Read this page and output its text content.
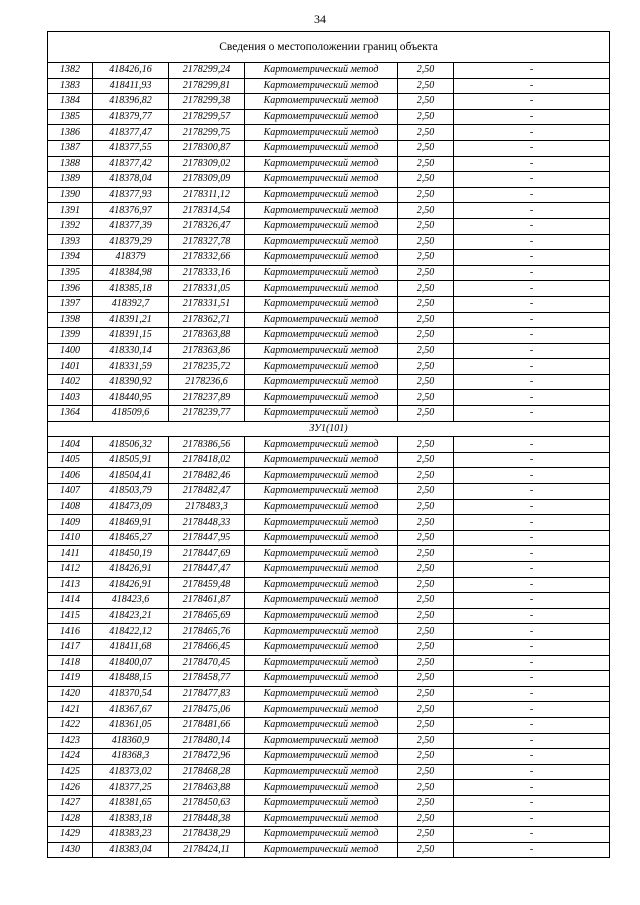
34
Сведения о местоположении границ объекта					
1382	418426,16	2178299,24	Картометрический метод	2,50	-
1383	418411,93	2178299,81	Картометрический метод	2,50	-
1384	418396,82	2178299,38	Картометрический метод	2,50	-
1385	418379,77	2178299,57	Картометрический метод	2,50	-
1386	418377,47	2178299,75	Картометрический метод	2,50	-
1387	418377,55	2178300,87	Картометрический метод	2,50	-
1388	418377,42	2178309,02	Картометрический метод	2,50	-
1389	418378,04	2178309,09	Картометрический метод	2,50	-
1390	418377,93	2178311,12	Картометрический метод	2,50	-
1391	418376,97	2178314,54	Картометрический метод	2,50	-
1392	418377,39	2178326,47	Картометрический метод	2,50	-
1393	418379,29	2178327,78	Картометрический метод	2,50	-
1394	418379	2178332,66	Картометрический метод	2,50	-
1395	418384,98	2178333,16	Картометрический метод	2,50	-
1396	418385,18	2178331,05	Картометрический метод	2,50	-
1397	418392,7	2178331,51	Картометрический метод	2,50	-
1398	418391,21	2178362,71	Картометрический метод	2,50	-
1399	418391,15	2178363,88	Картометрический метод	2,50	-
1400	418330,14	2178363,86	Картометрический метод	2,50	-
1401	418331,59	2178235,72	Картометрический метод	2,50	-
1402	418390,92	2178236,6	Картометрический метод	2,50	-
1403	418440,95	2178237,89	Картометрический метод	2,50	-
1364	418509,6	2178239,77	Картометрический метод	2,50	-
ЗУ1(101)					
1404	418506,32	2178386,56	Картометрический метод	2,50	-
1405	418505,91	2178418,02	Картометрический метод	2,50	-
1406	418504,41	2178482,46	Картометрический метод	2,50	-
1407	418503,79	2178482,47	Картометрический метод	2,50	-
1408	418473,09	2178483,3	Картометрический метод	2,50	-
1409	418469,91	2178448,33	Картометрический метод	2,50	-
1410	418465,27	2178447,95	Картометрический метод	2,50	-
1411	418450,19	2178447,69	Картометрический метод	2,50	-
1412	418426,91	2178447,47	Картометрический метод	2,50	-
1413	418426,91	2178459,48	Картометрический метод	2,50	-
1414	418423,6	2178461,87	Картометрический метод	2,50	-
1415	418423,21	2178465,69	Картометрический метод	2,50	-
1416	418422,12	2178465,76	Картометрический метод	2,50	-
1417	418411,68	2178466,45	Картометрический метод	2,50	-
1418	418400,07	2178470,45	Картометрический метод	2,50	-
1419	418488,15	2178458,77	Картометрический метод	2,50	-
1420	418370,54	2178477,83	Картометрический метод	2,50	-
1421	418367,67	2178475,06	Картометрический метод	2,50	-
1422	418361,05	2178481,66	Картометрический метод	2,50	-
1423	418360,9	2178480,14	Картометрический метод	2,50	-
1424	418368,3	2178472,96	Картометрический метод	2,50	-
1425	418373,02	2178468,28	Картометрический метод	2,50	-
1426	418377,25	2178463,88	Картометрический метод	2,50	-
1427	418381,65	2178450,63	Картометрический метод	2,50	-
1428	418383,18	2178448,38	Картометрический метод	2,50	-
1429	418383,23	2178438,29	Картометрический метод	2,50	-
1430	418383,04	2178424,11	Картометрический метод	2,50	-
